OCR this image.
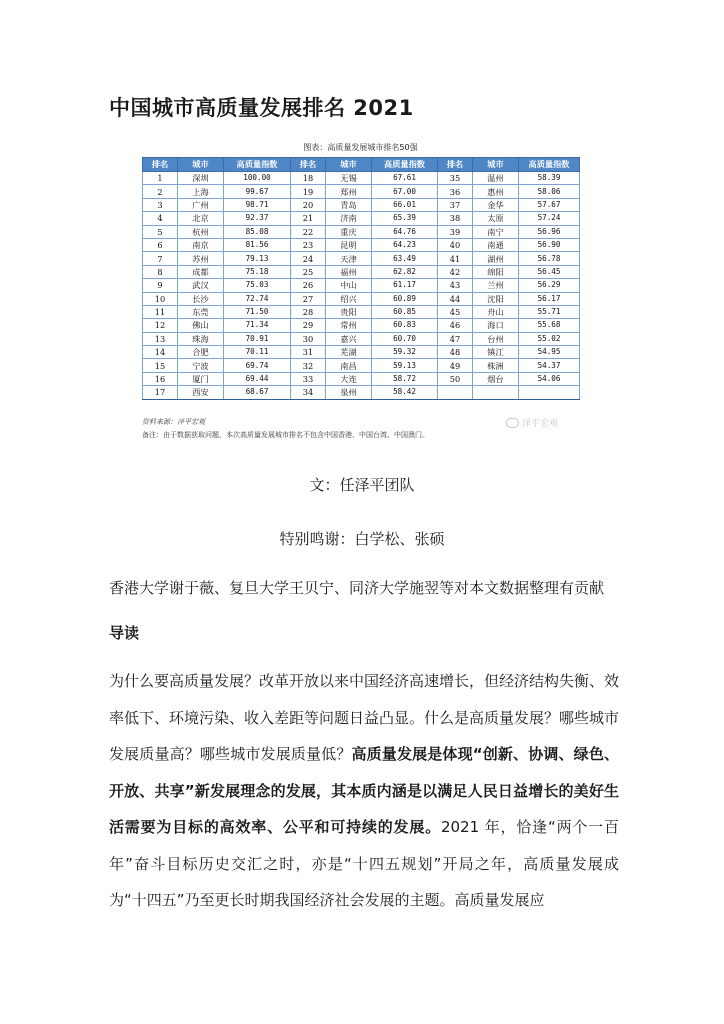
中国城市高质量发展排名 2021
图表：高质量发展城市排名50强
排名	城市	高质量指数	排名	城市	高质量指数	排名	城市	高质量指数
1	深圳	100.00	18	无锡	67.61	35	温州	58.39
2	上海	99.67	19	郑州	67.00	36	惠州	58.06
3	广州	98.71	20	青岛	66.01	37	金华	57.67
4	北京	92.37	21	济南	65.39	38	太原	57.24
5	杭州	85.08	22	重庆	64.76	39	南宁	56.96
6	南京	81.56	23	昆明	64.23	40	南通	56.90
7	苏州	79.13	24	天津	63.49	41	湖州	56.78
8	成都	75.18	25	福州	62.82	42	绵阳	56.45
9	武汉	75.03	26	中山	61.17	43	兰州	56.29
10	长沙	72.74	27	绍兴	60.89	44	沈阳	56.17
11	东莞	71.50	28	贵阳	60.85	45	舟山	55.71
12	佛山	71.34	29	常州	60.83	46	海口	55.68
13	珠海	70.91	30	嘉兴	60.70	47	台州	55.02
14	合肥	70.11	31	芜湖	59.32	48	镇江	54.95
15	宁波	69.74	32	南昌	59.13	49	株洲	54.37
16	厦门	69.44	33	大连	58.72	50	烟台	54.06
17	西安	68.67	34	泉州	58.42			
资料来源：泽平宏观	泽平宏观
备注：由于数据获取问题，本次高质量发展城市排名不包含中国香港、中国台湾、中国澳门。
文：任泽平团队
特别鸣谢：白学松、张硕
香港大学谢于薇、复旦大学王贝宁、同济大学施翌等对本文数据整理有贡献
导读

为什么要高质量发展？改革开放以来中国经济高速增长，但经济结构失衡、效率低下、环境污染、收入差距等问题日益凸显。什么是高质量发展？哪些城市发展质量高？哪些城市发展质量低？高质量发展是体现“创新、协调、绿色、开放、共享”新发展理念的发展，其本质内涵是以满足人民日益增长的美好生活需要为目标的高效率、公平和可持续的发展。2021 年，恰逢“两个一百年”奋斗目标历史交汇之时，亦是“十四五规划”开局之年，高质量发展成为“十四五”乃至更长时期我国经济社会发展的主题。高质量发展应
